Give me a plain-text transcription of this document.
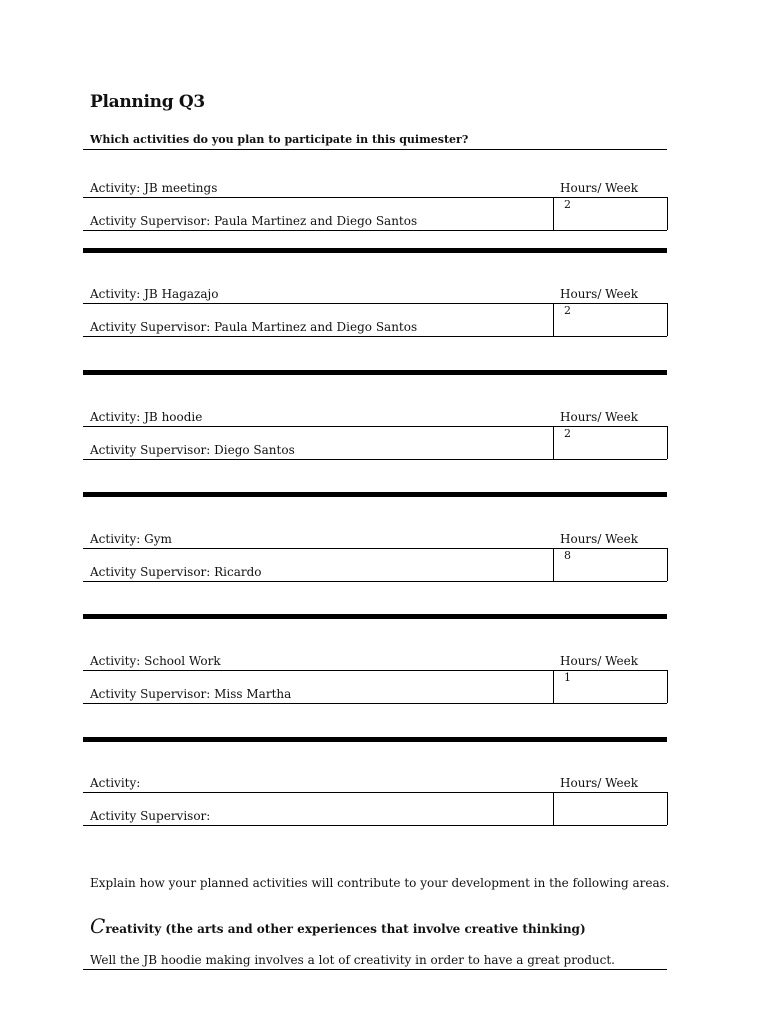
Planning Q3
Which activities do you plan to participate in this quimester?
Activity: JB meetings	Hours/ Week
2
Activity Supervisor: Paula Martinez and Diego Santos
Activity: JB Hagazajo	Hours/ Week
2
Activity Supervisor: Paula Martinez and Diego Santos
Activity: JB hoodie	Hours/ Week
2
Activity Supervisor: Diego Santos
Activity: Gym	Hours/ Week
8
Activity Supervisor: Ricardo
Activity: School Work	Hours/ Week
1
Activity Supervisor: Miss Martha
Activity:	Hours/ Week
Activity Supervisor:
Explain how your planned activities will contribute to your development in the following areas.
Creativity (the arts and other experiences that involve creative thinking)
Well the JB hoodie making involves a lot of creativity in order to have a great product.
